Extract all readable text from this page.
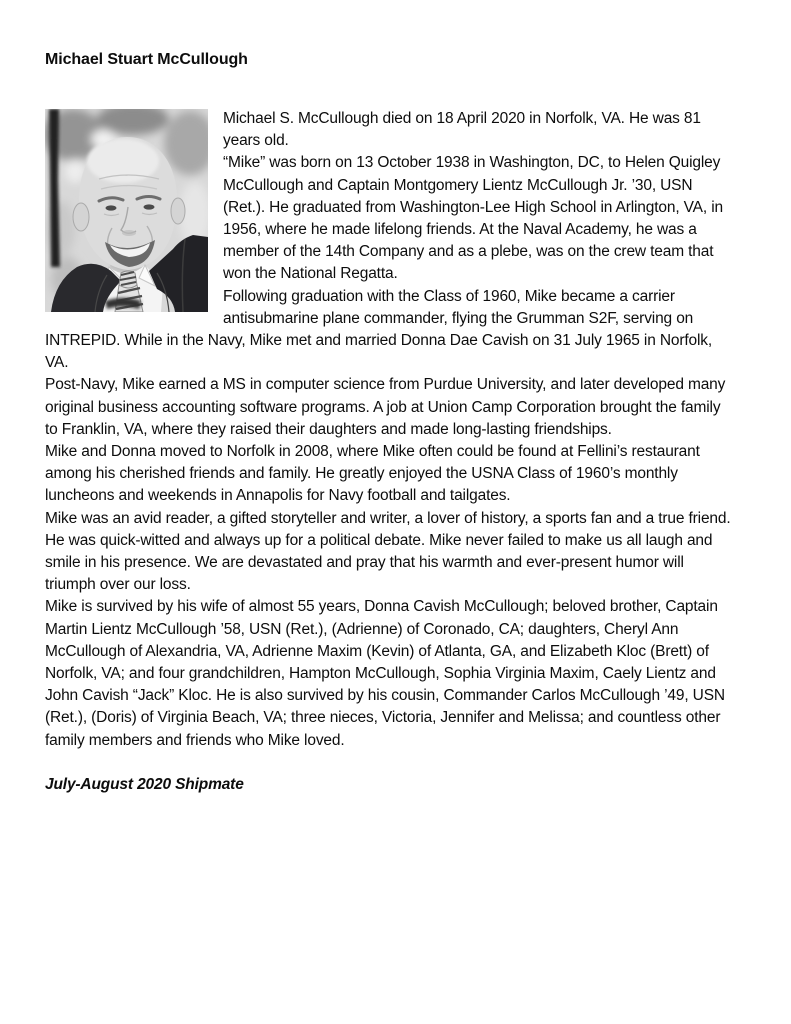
Michael Stuart McCullough

Michael S. McCullough died on 18 April 2020 in Norfolk, VA. He was 81 years old.

“Mike” was born on 13 October 1938 in Washington, DC, to Helen Quigley McCullough and Captain Montgomery Lientz McCullough Jr. ’30, USN (Ret.). He graduated from Washington-Lee High School in Arlington, VA, in 1956, where he made lifelong friends. At the Naval Academy, he was a member of the 14th Company and as a plebe, was on the crew team that won the National Regatta.

Following graduation with the Class of 1960, Mike became a carrier antisubmarine plane commander, flying the Grumman S2F, serving on INTREPID. While in the Navy, Mike met and married Donna Dae Cavish on 31 July 1965 in Norfolk, VA.

Post-Navy, Mike earned a MS in computer science from Purdue University, and later developed many original business accounting software programs. A job at Union Camp Corporation brought the family to Franklin, VA, where they raised their daughters and made long-lasting friendships.

Mike and Donna moved to Norfolk in 2008, where Mike often could be found at Fellini’s restaurant among his cherished friends and family. He greatly enjoyed the USNA Class of 1960’s monthly luncheons and weekends in Annapolis for Navy football and tailgates.

Mike was an avid reader, a gifted storyteller and writer, a lover of history, a sports fan and a true friend. He was quick-witted and always up for a political debate. Mike never failed to make us all laugh and smile in his presence. We are devastated and pray that his warmth and ever-present humor will triumph over our loss.

Mike is survived by his wife of almost 55 years, Donna Cavish McCullough; beloved brother, Captain Martin Lientz McCullough ’58, USN (Ret.), (Adrienne) of Coronado, CA; daughters, Cheryl Ann McCullough of Alexandria, VA, Adrienne Maxim (Kevin) of Atlanta, GA, and Elizabeth Kloc (Brett) of Norfolk, VA; and four grandchildren, Hampton McCullough, Sophia Virginia Maxim, Caely Lientz and John Cavish “Jack” Kloc. He is also survived by his cousin, Commander Carlos McCullough ’49, USN (Ret.), (Doris) of Virginia Beach, VA; three nieces, Victoria, Jennifer and Melissa; and countless other family members and friends who Mike loved.

July-August 2020 Shipmate
